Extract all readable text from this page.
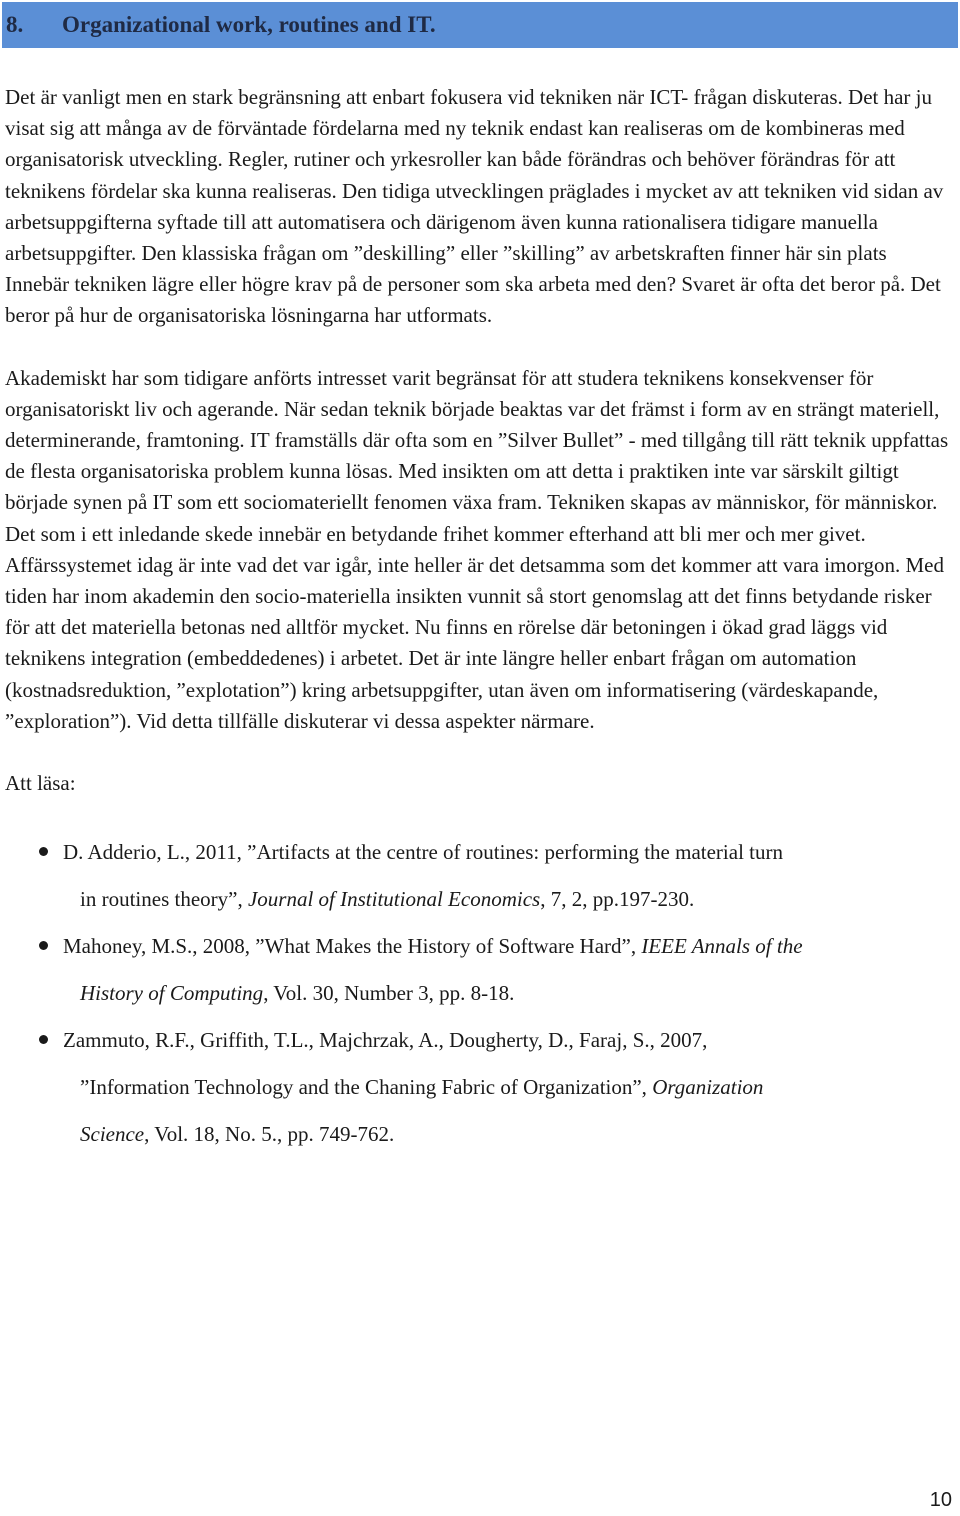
8. Organizational work, routines and IT.

Det är vanligt men en stark begränsning att enbart fokusera vid tekniken när ICT- frågan diskuteras. Det har ju visat sig att många av de förväntade fördelarna med ny teknik endast kan realiseras om de kombineras med organisatorisk utveckling. Regler, rutiner och yrkesroller kan både förändras och behöver förändras för att teknikens fördelar ska kunna realiseras. Den tidiga utvecklingen präglades i mycket av att tekniken vid sidan av arbetsuppgifterna syftade till att automatisera och därigenom även kunna rationalisera tidigare manuella arbetsuppgifter. Den klassiska frågan om ”deskilling” eller ”skilling” av arbetskraften finner här sin plats Innebär tekniken lägre eller högre krav på de personer som ska arbeta med den? Svaret är ofta det beror på. Det beror på hur de organisatoriska lösningarna har utformats.

Akademiskt har som tidigare anförts intresset varit begränsat för att studera teknikens konsekvenser för organisatoriskt liv och agerande. När sedan teknik började beaktas var det främst i form av en strängt materiell, determinerande, framtoning. IT framställs där ofta som en ”Silver Bullet” - med tillgång till rätt teknik uppfattas de flesta organisatoriska problem kunna lösas. Med insikten om att detta i praktiken inte var särskilt giltigt började synen på IT som ett sociomateriellt fenomen växa fram. Tekniken skapas av människor, för människor. Det som i ett inledande skede innebär en betydande frihet kommer efterhand att bli mer och mer givet. Affärssystemet idag är inte vad det var igår, inte heller är det detsamma som det kommer att vara imorgon. Med tiden har inom akademin den socio-materiella insikten vunnit så stort genomslag att det finns betydande risker för att det materiella betonas ned alltför mycket. Nu finns en rörelse där betoningen i ökad grad läggs vid teknikens integration (embeddedenes) i arbetet. Det är inte längre heller enbart frågan om automation (kostnadsreduktion, ”explotation”) kring arbetsuppgifter, utan även om informatisering (värdeskapande, ”exploration”). Vid detta tillfälle diskuterar vi dessa aspekter närmare.

Att läsa:

D. Adderio, L., 2011, ”Artifacts at the centre of routines: performing the material turn
in routines theory”, Journal of Institutional Economics, 7, 2, pp.197-230.
Mahoney, M.S., 2008, ”What Makes the History of Software Hard”, IEEE Annals of the
History of Computing, Vol. 30, Number 3, pp. 8-18.
Zammuto, R.F., Griffith, T.L., Majchrzak, A., Dougherty, D., Faraj, S., 2007,
”Information Technology and the Chaning Fabric of Organization”, Organization
Science, Vol. 18, No. 5., pp. 749-762.
10
